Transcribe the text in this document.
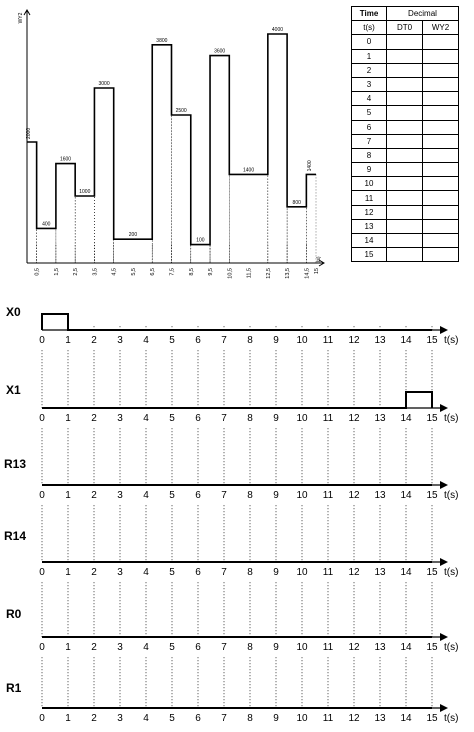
2000
400
1600
1000
3000
200
3800
2500
100
3600
1400
4000
800
1400
0,5 1,5 2,5 3,5 4,5 5,5 6,5 7,5 8,5 9,5 10,5 11,5 12,5 13,5 14,5 15
WY2
t(s)
Time	Decimal	
t(s)	DT0	WY2
0		
1		
2		
3		
4		
5		
6		
7		
8		
9		
10		
11		
12		
13		
14		
15		
X0
0 1 2 3 4 5 6 7 8 9 10 11 12 13 14 15 t(s)
X1
0 1 2 3 4 5 6 7 8 9 10 11 12 13 14 15 t(s)
R13
0 1 2 3 4 5 6 7 8 9 10 11 12 13 14 15 t(s)
R14
0 1 2 3 4 5 6 7 8 9 10 11 12 13 14 15 t(s)
R0
0 1 2 3 4 5 6 7 8 9 10 11 12 13 14 15 t(s)
R1
0 1 2 3 4 5 6 7 8 9 10 11 12 13 14 15 t(s)
